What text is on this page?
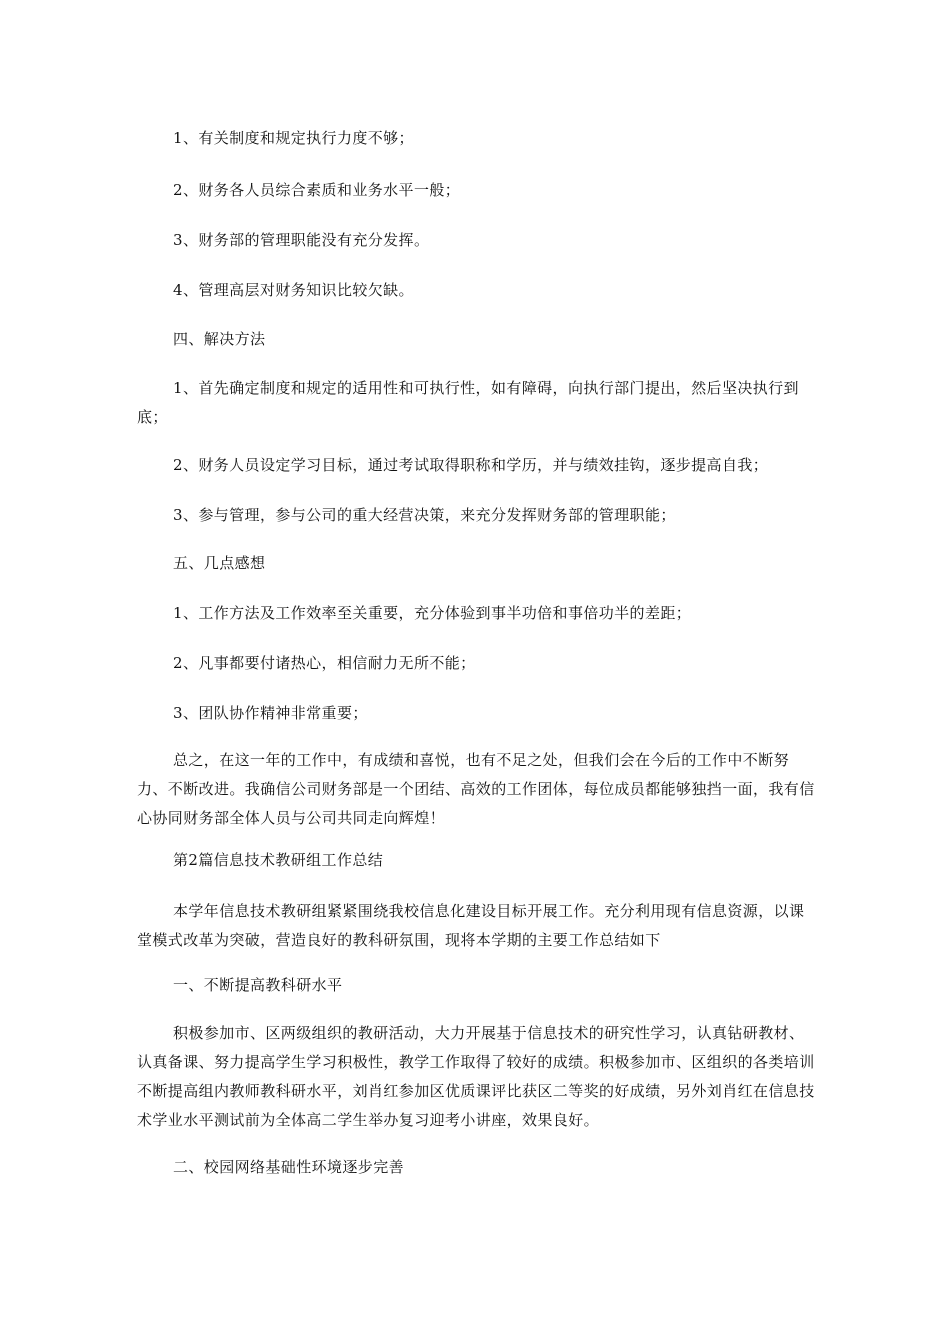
1、有关制度和规定执行力度不够；

2、财务各人员综合素质和业务水平一般；

3、财务部的管理职能没有充分发挥。

4、管理高层对财务知识比较欠缺。

四、解决方法

1、首先确定制度和规定的适用性和可执行性，如有障碍，向执行部门提出，然后坚决执行到底；

2、财务人员设定学习目标，通过考试取得职称和学历，并与绩效挂钩，逐步提高自我；

3、参与管理，参与公司的重大经营决策，来充分发挥财务部的管理职能；

五、几点感想

1、工作方法及工作效率至关重要，充分体验到事半功倍和事倍功半的差距；

2、凡事都要付诸热心，相信耐力无所不能；

3、团队协作精神非常重要；

总之，在这一年的工作中，有成绩和喜悦，也有不足之处，但我们会在今后的工作中不断努力、不断改进。我确信公司财务部是一个团结、高效的工作团体，每位成员都能够独挡一面，我有信心协同财务部全体人员与公司共同走向辉煌！

第2篇信息技术教研组工作总结

本学年信息技术教研组紧紧围绕我校信息化建设目标开展工作。充分利用现有信息资源，以课堂模式改革为突破，营造良好的教科研氛围，现将本学期的主要工作总结如下

一、不断提高教科研水平

积极参加市、区两级组织的教研活动，大力开展基于信息技术的研究性学习，认真钻研教材、认真备课、努力提高学生学习积极性，教学工作取得了较好的成绩。积极参加市、区组织的各类培训不断提高组内教师教科研水平，刘肖红参加区优质课评比获区二等奖的好成绩，另外刘肖红在信息技术学业水平测试前为全体高二学生举办复习迎考小讲座，效果良好。

二、校园网络基础性环境逐步完善
